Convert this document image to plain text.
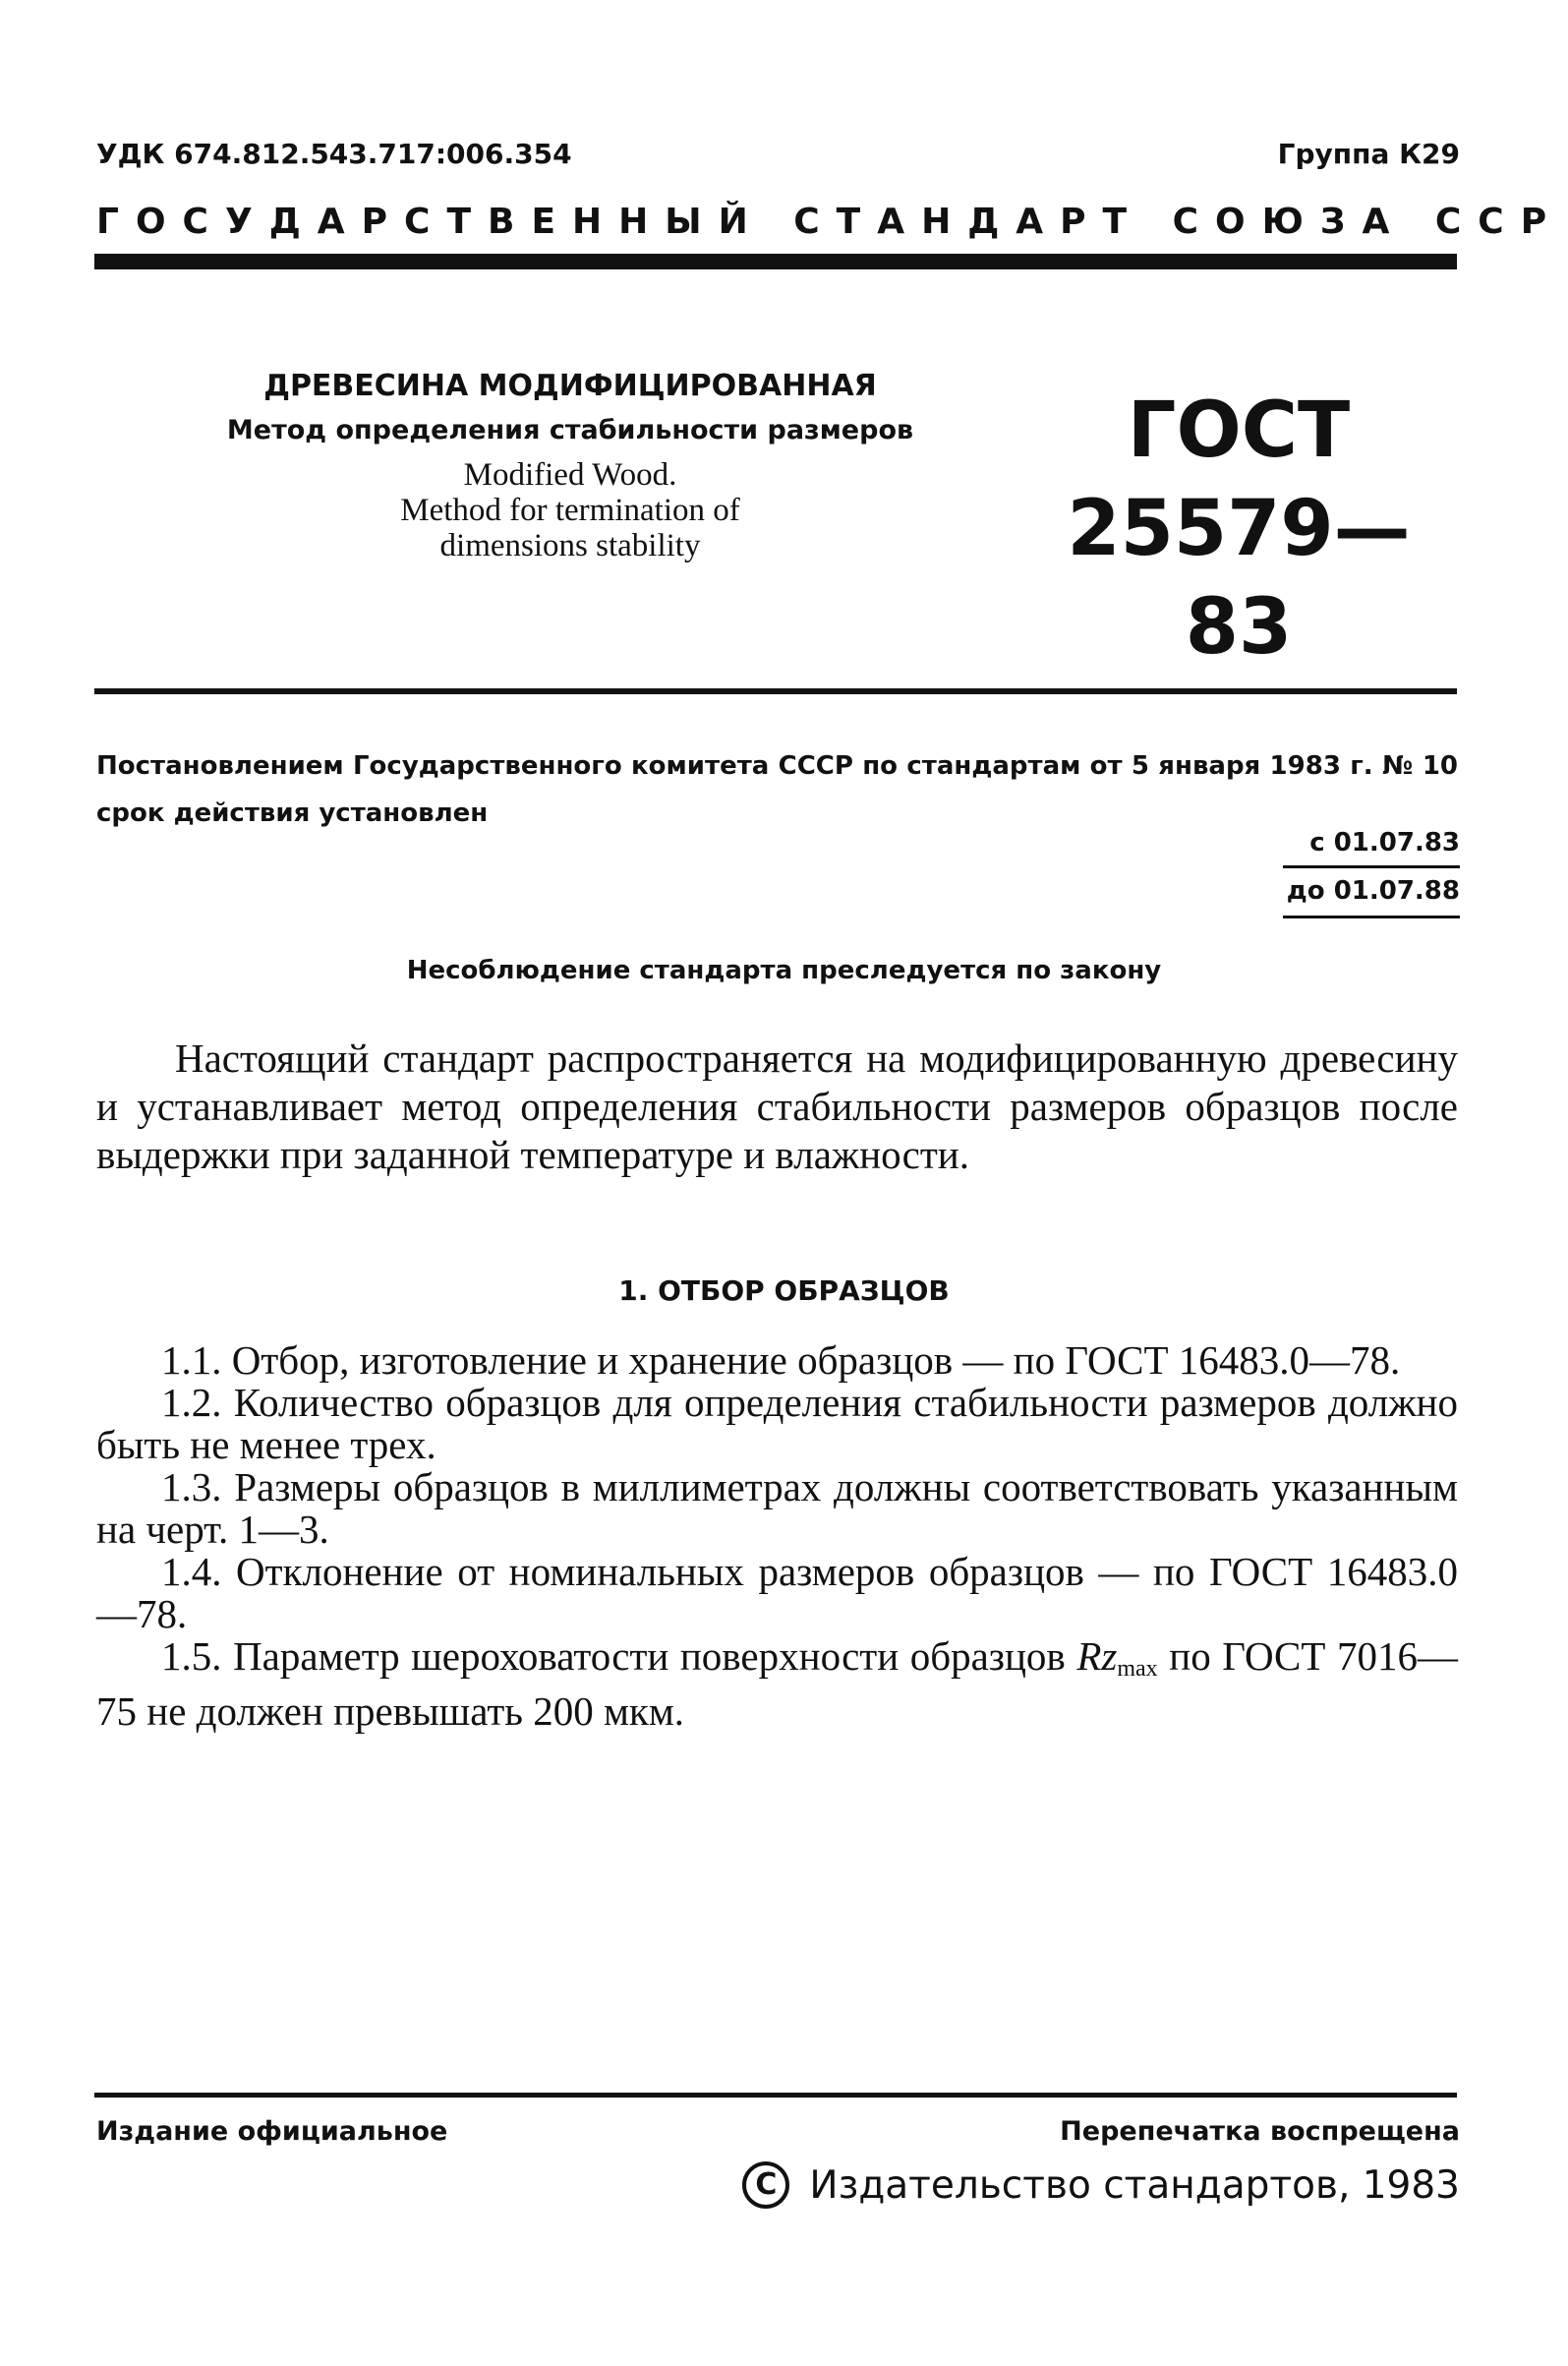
УДК 674.812.543.717:006.354	Группа К29
ГОСУДАРСТВЕННЫЙ СТАНДАРТ СОЮЗА ССР
ДРЕВЕСИНА МОДИФИЦИРОВАННАЯ
Метод определения стабильности размеров
Modified Wood.
Method for termination of
dimensions stability
ГОСТ
25579—83
Постановлением Государственного комитета СССР по стандартам от 5 января 1983 г. № 10 срок действия установлен
с 01.07.83
до 01.07.88
Несоблюдение стандарта преследуется по закону
Настоящий стандарт распространяется на модифицированную древесину и устанавливает метод определения стабильности размеров образцов после выдержки при заданной температуре и влажности.
1. ОТБОР ОБРАЗЦОВ
1.1. Отбор, изготовление и хранение образцов — по ГОСТ 16483.0—78.
1.2. Количество образцов для определения стабильности размеров должно быть не менее трех.
1.3. Размеры образцов в миллиметрах должны соответствовать указанным на черт. 1—3.
1.4. Отклонение от номинальных размеров образцов — по ГОСТ 16483.0—78.
1.5. Параметр шероховатости поверхности образцов $Rz_{max}$ по ГОСТ 7016—75 не должен превышать 200 мкм.
Издание официальное	Перепечатка воспрещена
C Издательство стандартов, 1983
